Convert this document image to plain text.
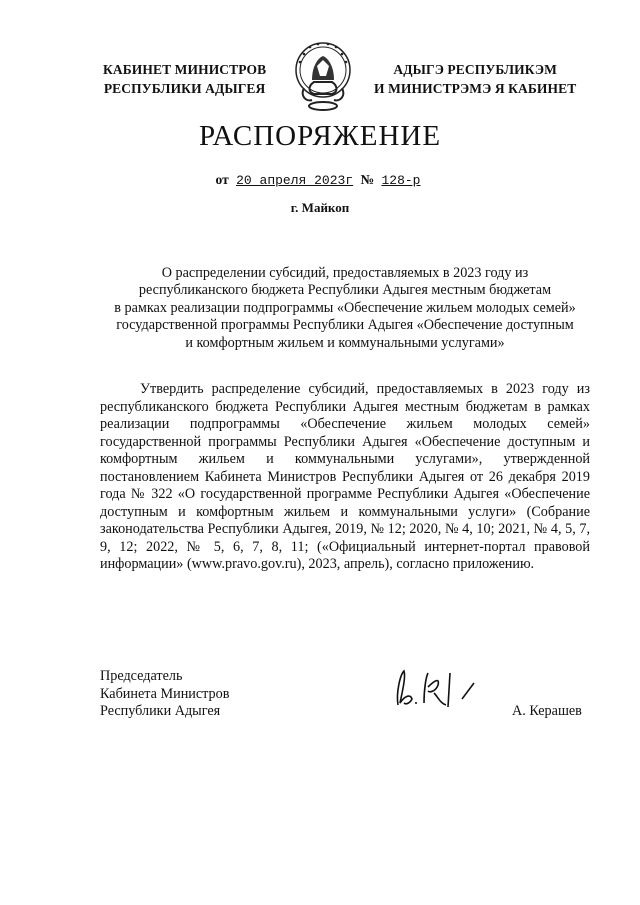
КАБИНЕТ МИНИСТРОВ
РЕСПУБЛИКИ АДЫГЕЯ
АДЫГЭ РЕСПУБЛИКЭМ
И МИНИСТРЭМЭ Я КАБИНЕТ
РАСПОРЯЖЕНИЕ
от 20 апреля 2023г № 128-р
г. Майкоп
О распределении субсидий, предоставляемых в 2023 году из
республиканского бюджета Республики Адыгея местным бюджетам
в рамках реализации подпрограммы «Обеспечение жильем молодых семей»
государственной программы Республики Адыгея «Обеспечение доступным
и комфортным жильем и коммунальными услугами»

Утвердить распределение субсидий, предоставляемых в 2023 году из республиканского бюджета Республики Адыгея местным бюджетам в рамках реализации подпрограммы «Обеспечение жильем молодых семей» государственной программы Республики Адыгея «Обеспечение доступным и комфортным жильем и коммунальными услугами», утвержденной постановлением Кабинета Министров Республики Адыгея от 26 декабря 2019 года № 322 «О государственной программе Республики Адыгея «Обеспечение доступным и комфортным жильем и коммунальными услуги» (Собрание законодательства Республики Адыгея, 2019, № 12; 2020, № 4, 10; 2021, № 4, 5, 7, 9, 12; 2022, № 5, 6, 7, 8, 11; («Официальный интернет-портал правовой информации» (www.pravo.gov.ru), 2023, апрель), согласно приложению.

Председатель
Кабинета Министров
Республики Адыгея	А. Керашев
